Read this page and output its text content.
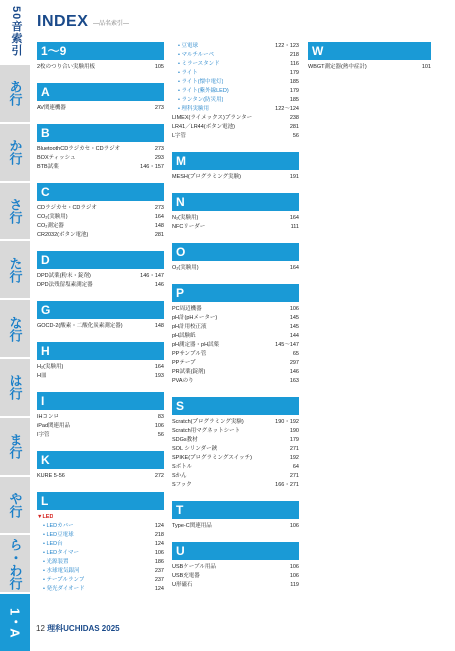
50音索引
あ行
か行
さ行
た行
な行
は行
ま行
や行
ら・わ行
1・A
INDEX —品名索引—
1～9
2枚のつり合い実験用板	105
A
AV関連機器	273
B
BluetoothCDラジカセ・CDラジオ	273
BOXティッシュ	293
BTB試薬	146・157
C
CDラジカセ・CDラジオ	273
CO₂(実験用)	164
CO₂測定器	148
CR2032(ボタン電池)	281
D
DPD試薬(粉末・錠剤)	146・147
DPD法残留塩素測定器	146
G
GOCD-2(酸素・二酸化炭素測定器)	148
H
H₂(実験用)	164
H皿	193
I
IHコンロ	83
iPad関連用品	106
I字管	56
K
KURE 5-56	272
L
▼LED
• LEDカバー	124
• LED豆電球	218
• LED台	124
• LEDタイマー	106
• 光源装置	186
• 水球電気銀河	237
• テープルランプ	237
• 発光ダイオード	124
• 豆電球	122・123
• マルチルーペ	218
• ミラースタンド	116
• ライト	179
• ライト(懐中電灯)	185
• ライト(紫外線LED)	179
• ランタン(防災用)	185
• 理科実験用	122～124
LIMEX(ライメックス)プランター	238
LR41／LR44(ボタン電池)	281
L字管	56
M
MESH(プログラミング実験)	191
N
N₂(実験用)	164
NFCリーダー	111
O
O₂(実験用)	164
P
PC周辺機器	106
pH計(pHメーター)	145
pH計用校正液	145
pH試験紙	144
pH測定器・pH試薬	145～147
PPサンプル管	65
PPテープ	297
PR試薬(錠剤)	146
PVAのり	163
S
Scratch(プログラミング実験)	190・192
Scratch用マグネットシート	190
SDGs教材	179
SOL シリンダー鋏	271
SPIKE(プログラミングスイッチ)	192
Sボトル	64
Sかん	271
Sフック	166・271
T
Type-C関連用品	106
U
USBケーブル用品	106
USB充電器	106
U形磁石	119
W
WBGT測定器(熱中症計)	101
12 理科UCHIDAS 2025
